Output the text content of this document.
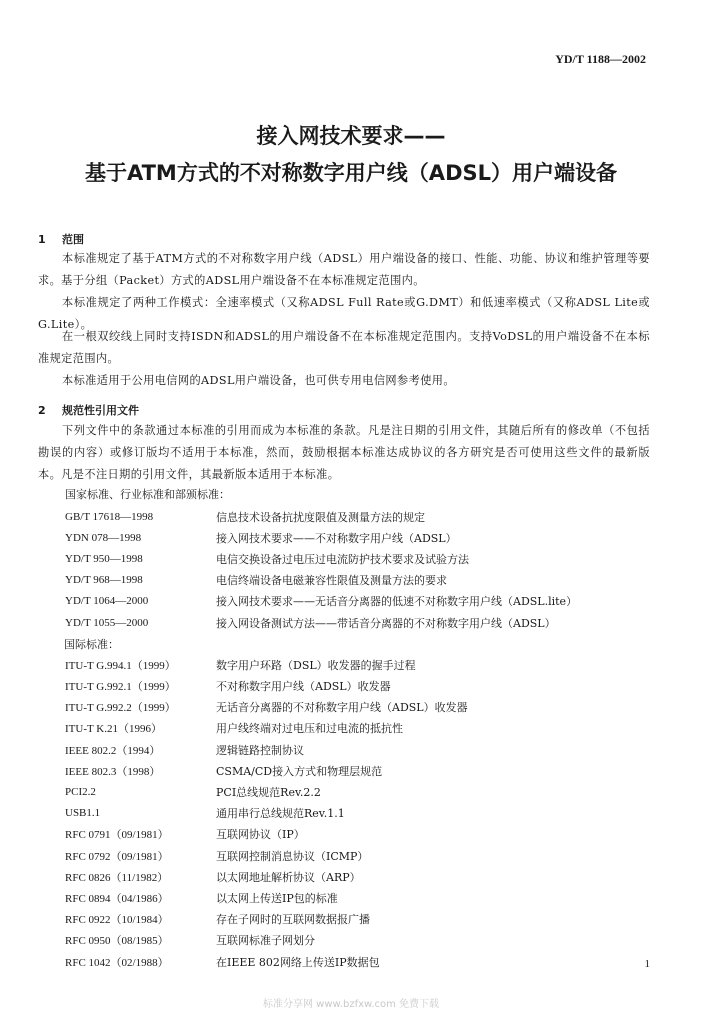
YD/T 1188—2002
接入网技术要求——
基于ATM方式的不对称数字用户线（ADSL）用户端设备
1 范围
本标准规定了基于ATM方式的不对称数字用户线（ADSL）用户端设备的接口、性能、功能、协议和维护管理等要求。基于分组（Packet）方式的ADSL用户端设备不在本标准规定范围内。
本标准规定了两种工作模式：全速率模式（又称ADSL Full Rate或G.DMT）和低速率模式（又称ADSL Lite或G.Lite）。
在一根双绞线上同时支持ISDN和ADSL的用户端设备不在本标准规定范围内。支持VoDSL的用户端设备不在本标准规定范围内。
本标准适用于公用电信网的ADSL用户端设备，也可供专用电信网参考使用。
2 规范性引用文件
下列文件中的条款通过本标准的引用而成为本标准的条款。凡是注日期的引用文件，其随后所有的修改单（不包括勘误的内容）或修订版均不适用于本标准，然而，鼓励根据本标准达成协议的各方研究是否可使用这些文件的最新版本。凡是不注日期的引用文件，其最新版本适用于本标准。
国家标准、行业标准和部颁标准：
GB/T 17618—1998	信息技术设备抗扰度限值及测量方法的规定
YDN 078—1998	接入网技术要求——不对称数字用户线（ADSL）
YD/T 950—1998	电信交换设备过电压过电流防护技术要求及试验方法
YD/T 968—1998	电信终端设备电磁兼容性限值及测量方法的要求
YD/T 1064—2000	接入网技术要求——无话音分离器的低速不对称数字用户线（ADSL.lite）
YD/T 1055—2000	接入网设备测试方法——带话音分离器的不对称数字用户线（ADSL）
国际标准：
ITU-T G.994.1（1999）	数字用户环路（DSL）收发器的握手过程
ITU-T G.992.1（1999）	不对称数字用户线（ADSL）收发器
ITU-T G.992.2（1999）	无话音分离器的不对称数字用户线（ADSL）收发器
ITU-T K.21（1996）	用户线终端对过电压和过电流的抵抗性
IEEE 802.2（1994）	逻辑链路控制协议
IEEE 802.3（1998）	CSMA/CD接入方式和物理层规范
PCI2.2	PCI总线规范Rev.2.2
USB1.1	通用串行总线规范Rev.1.1
RFC 0791（09/1981）	互联网协议（IP）
RFC 0792（09/1981）	互联网控制消息协议（ICMP）
RFC 0826（11/1982）	以太网地址解析协议（ARP）
RFC 0894（04/1986）	以太网上传送IP包的标准
RFC 0922（10/1984）	存在子网时的互联网数据报广播
RFC 0950（08/1985）	互联网标准子网划分
RFC 1042（02/1988）	在IEEE 802网络上传送IP数据包	1
标准分享网 www.bzfxw.com 免费下载
